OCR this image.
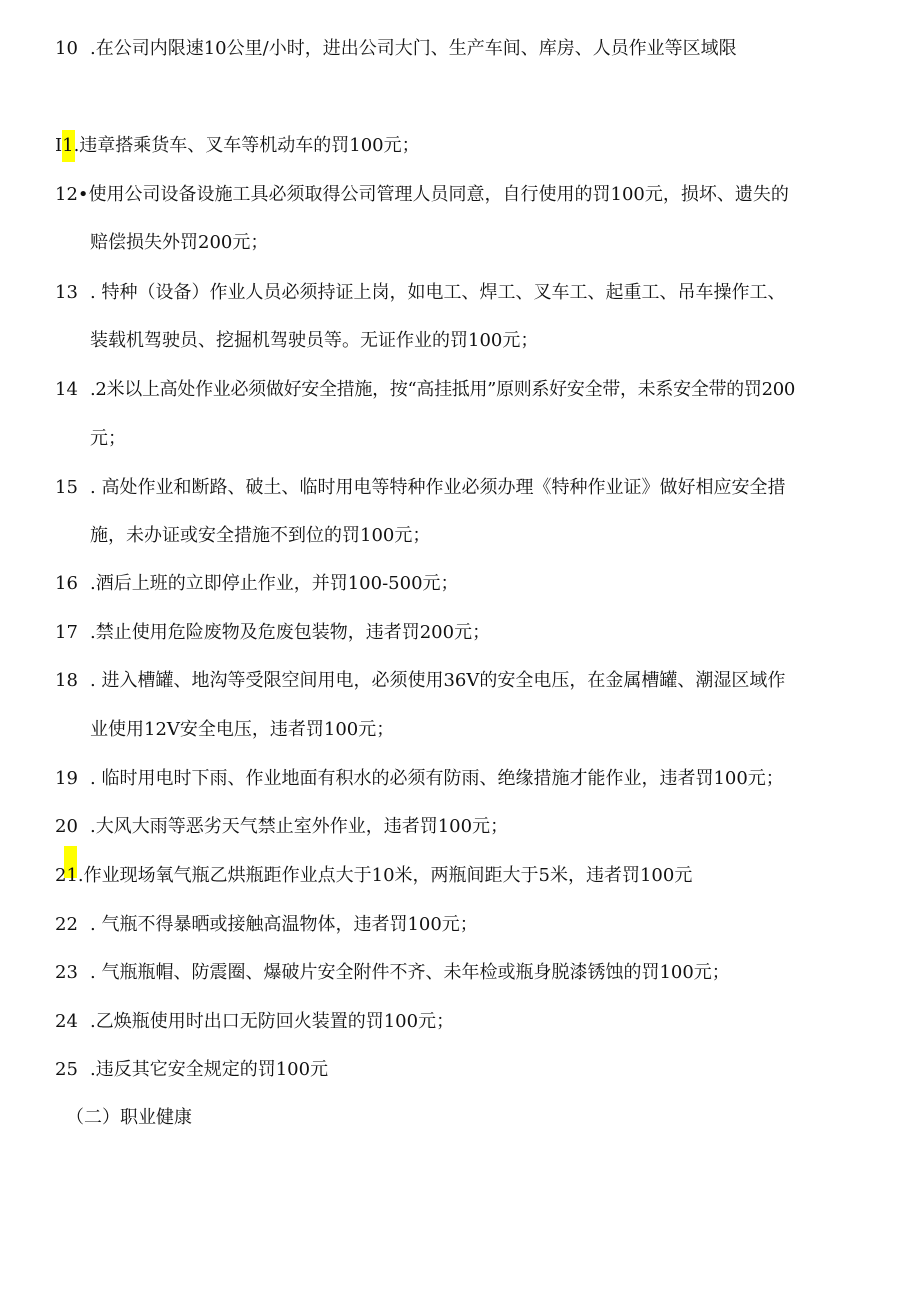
10 .在公司内限速10公里/小时，进出公司大门、生产车间、库房、人员作业等区域限
I1.违章搭乘货车、叉车等机动车的罚100元；
12•使用公司设备设施工具必须取得公司管理人员同意，自行使用的罚100元，损坏、遗失的
赔偿损失外罚200元；
13 . 特种（设备）作业人员必须持证上岗，如电工、焊工、叉车工、起重工、吊车操作工、
装载机驾驶员、挖掘机驾驶员等。无证作业的罚100元；
14 .2米以上高处作业必须做好安全措施，按“高挂抵用”原则系好安全带，未系安全带的罚200
元；
15 . 高处作业和断路、破土、临时用电等特种作业必须办理《特种作业证》做好相应安全措
施，未办证或安全措施不到位的罚100元；
16 .酒后上班的立即停止作业，并罚100-500元；
17 .禁止使用危险废物及危废包装物，违者罚200元；
18 . 进入槽罐、地沟等受限空间用电，必须使用36V的安全电压，在金属槽罐、潮湿区域作
业使用12V安全电压，违者罚100元；
19 . 临时用电时下雨、作业地面有积水的必须有防雨、绝缘措施才能作业，违者罚100元；
20 .大风大雨等恶劣天气禁止室外作业，违者罚100元；
21.作业现场氧气瓶乙烘瓶距作业点大于10米，两瓶间距大于5米，违者罚100元
22 . 气瓶不得暴晒或接触高温物体，违者罚100元；
23 . 气瓶瓶帽、防震圈、爆破片安全附件不齐、未年检或瓶身脱漆锈蚀的罚100元；
24 .乙焕瓶使用时出口无防回火装置的罚100元；
25 .违反其它安全规定的罚100元
（二）职业健康
